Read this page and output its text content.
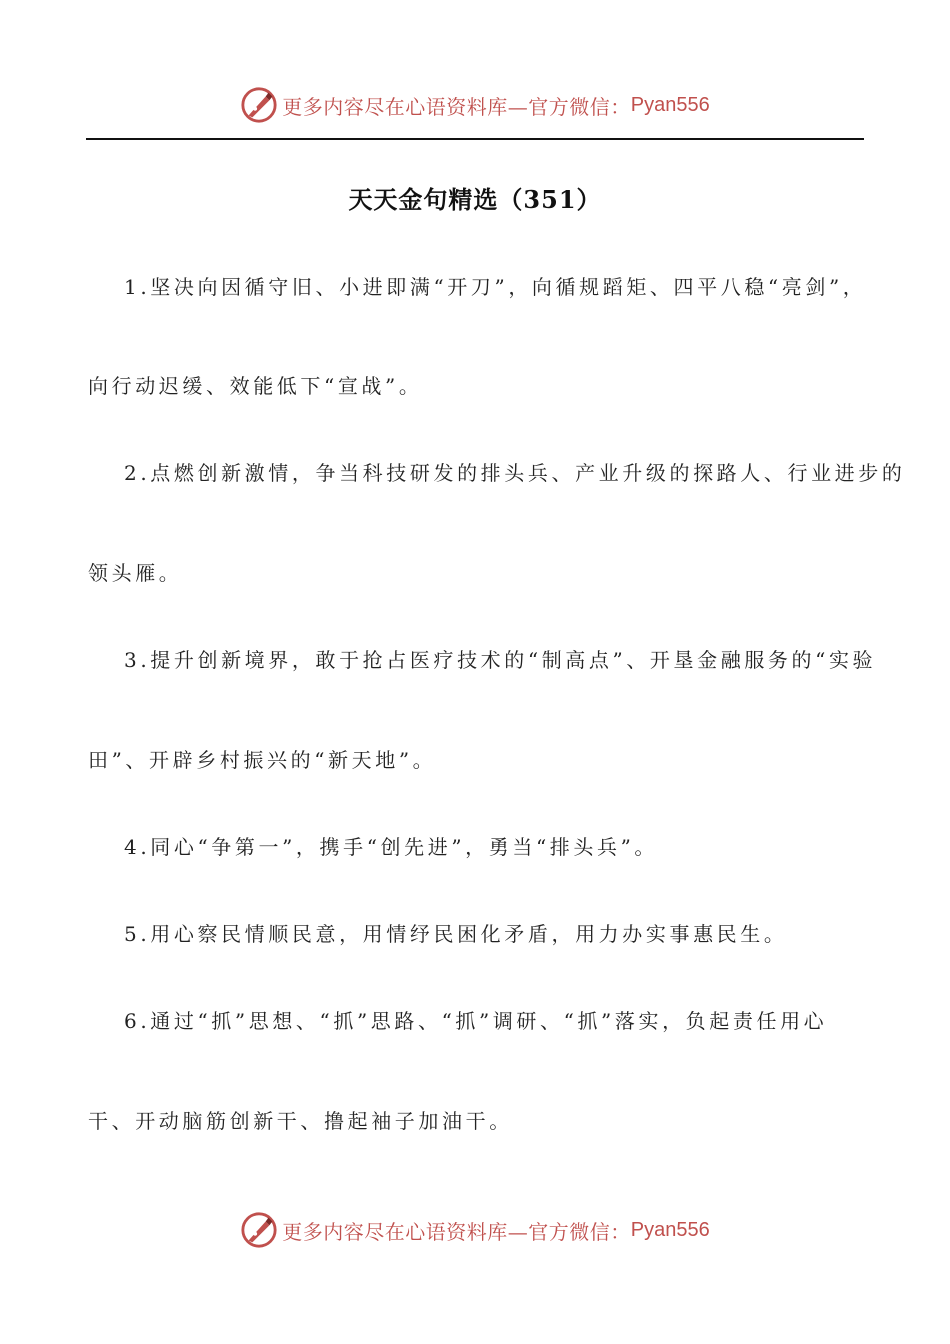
更多内容尽在心语资料库—官方微信： Pyan556
天天金句精选（351）
1.坚决向因循守旧、小进即满“开刀”，向循规蹈矩、四平八稳“亮剑”，
向行动迟缓、效能低下“宣战”。
2.点燃创新激情，争当科技研发的排头兵、产业升级的探路人、行业进步的
领头雁。
3.提升创新境界，敢于抢占医疗技术的“制高点”、开垦金融服务的“实验
田”、开辟乡村振兴的“新天地”。
4.同心“争第一”，携手“创先进”，勇当“排头兵”。
5.用心察民情顺民意，用情纾民困化矛盾，用力办实事惠民生。
6.通过“抓”思想、“抓”思路、“抓”调研、“抓”落实，负起责任用心
干、开动脑筋创新干、撸起袖子加油干。
更多内容尽在心语资料库—官方微信： Pyan556
